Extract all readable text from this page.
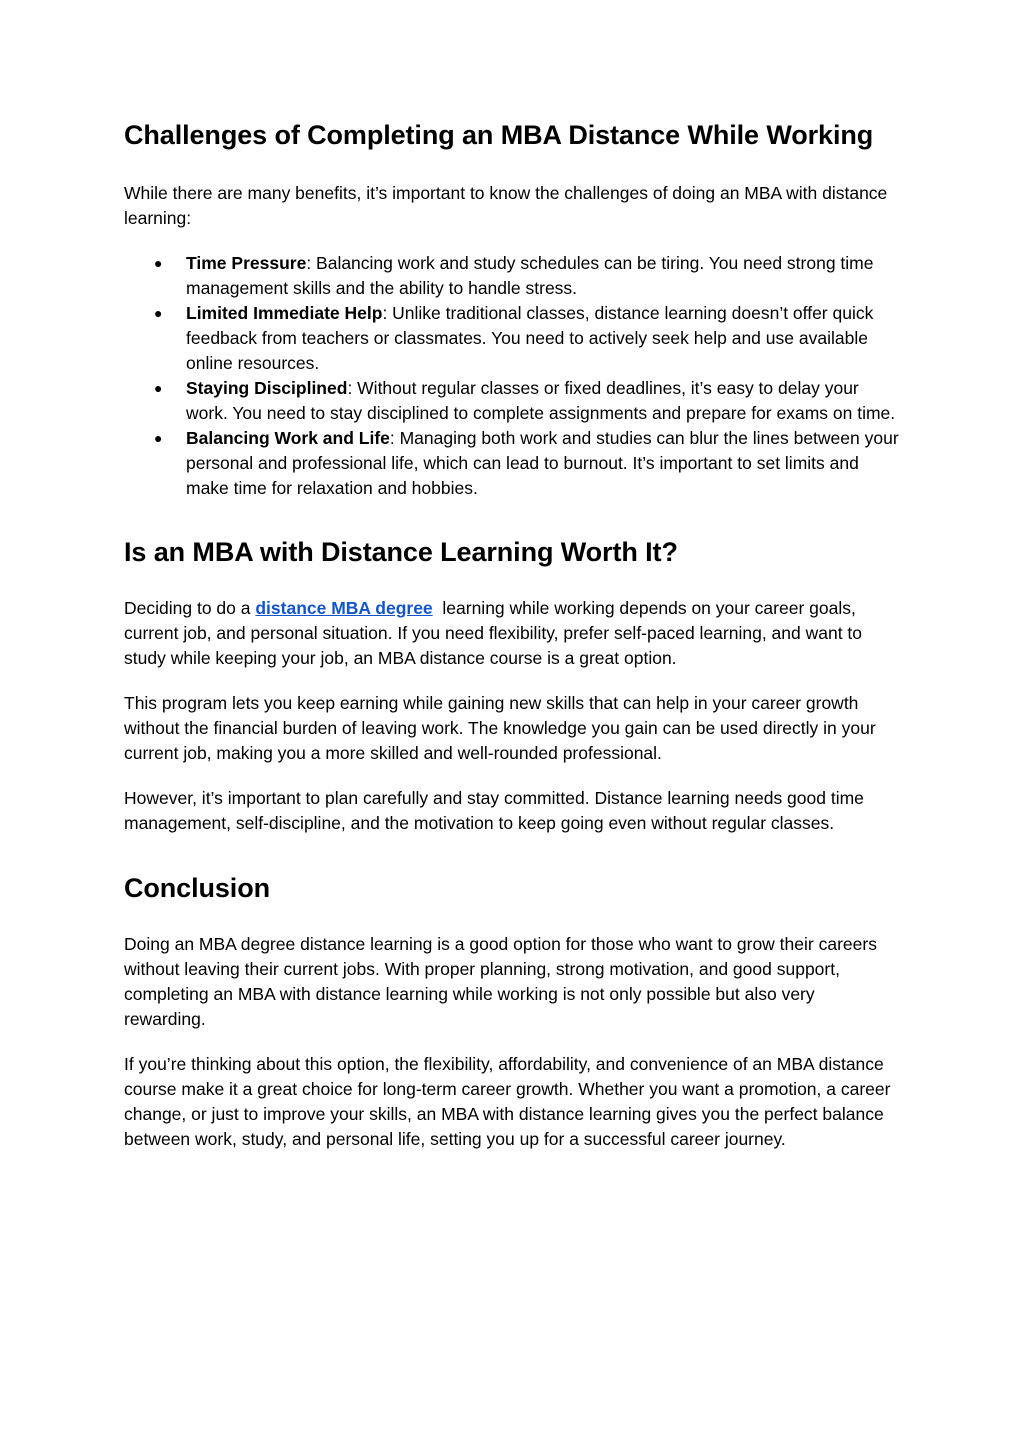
Challenges of Completing an MBA Distance While Working

While there are many benefits, it’s important to know the challenges of doing an MBA with distance learning:

● Time Pressure: Balancing work and study schedules can be tiring. You need strong time management skills and the ability to handle stress.
● Limited Immediate Help: Unlike traditional classes, distance learning doesn’t offer quick feedback from teachers or classmates. You need to actively seek help and use available online resources.
● Staying Disciplined: Without regular classes or fixed deadlines, it’s easy to delay your work. You need to stay disciplined to complete assignments and prepare for exams on time.
● Balancing Work and Life: Managing both work and studies can blur the lines between your personal and professional life, which can lead to burnout. It’s important to set limits and make time for relaxation and hobbies.
Is an MBA with Distance Learning Worth It?

Deciding to do a distance MBA degree  learning while working depends on your career goals, current job, and personal situation. If you need flexibility, prefer self-paced learning, and want to study while keeping your job, an MBA distance course is a great option.

This program lets you keep earning while gaining new skills that can help in your career growth without the financial burden of leaving work. The knowledge you gain can be used directly in your current job, making you a more skilled and well-rounded professional.

However, it’s important to plan carefully and stay committed. Distance learning needs good time management, self-discipline, and the motivation to keep going even without regular classes.

Conclusion

Doing an MBA degree distance learning is a good option for those who want to grow their careers without leaving their current jobs. With proper planning, strong motivation, and good support, completing an MBA with distance learning while working is not only possible but also very rewarding.

If you’re thinking about this option, the flexibility, affordability, and convenience of an MBA distance course make it a great choice for long-term career growth. Whether you want a promotion, a career change, or just to improve your skills, an MBA with distance learning gives you the perfect balance between work, study, and personal life, setting you up for a successful career journey.
